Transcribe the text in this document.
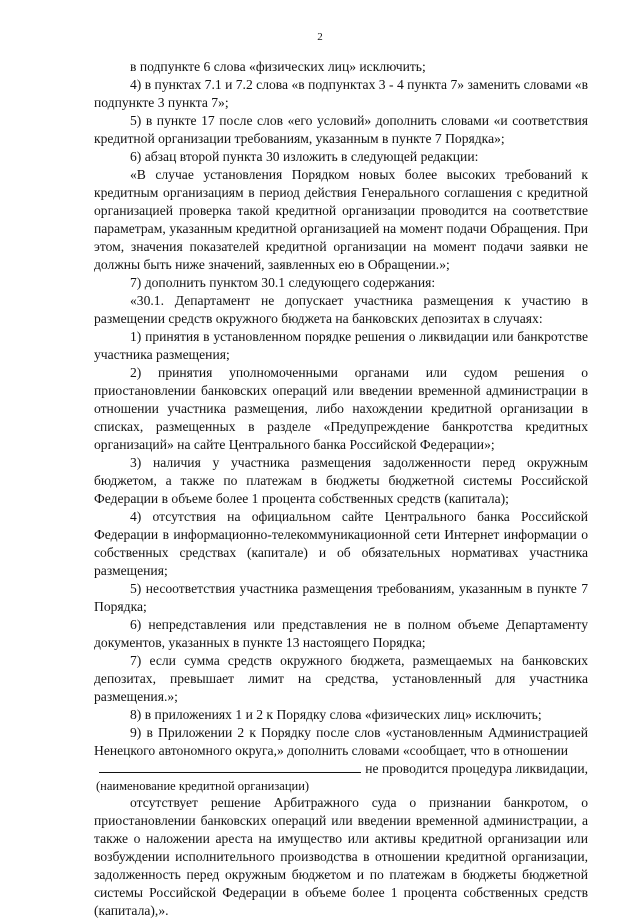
2

в подпункте 6 слова «физических лиц» исключить;

4) в пунктах 7.1 и 7.2 слова «в подпунктах 3 - 4 пункта 7» заменить словами «в подпункте 3 пункта 7»;

5) в пункте 17 после слов «его условий» дополнить словами «и соответствия кредитной организации требованиям, указанным в пункте 7 Порядка»;

6) абзац второй пункта 30 изложить в следующей редакции:

«В случае установления Порядком новых более высоких требований к кредитным организациям в период действия Генерального соглашения с кредитной организацией проверка такой кредитной организации проводится на соответствие параметрам, указанным кредитной организацией на момент подачи Обращения. При этом, значения показателей кредитной организации на момент подачи заявки не должны быть ниже значений, заявленных ею в Обращении.»;

7) дополнить пунктом 30.1 следующего содержания:

«30.1. Департамент не допускает участника размещения к участию в размещении средств окружного бюджета на банковских депозитах в случаях:

1) принятия в установленном порядке решения о ликвидации или банкротстве участника размещения;

2) принятия уполномоченными органами или судом решения о приостановлении банковских операций или введении временной администрации в отношении участника размещения, либо нахождении кредитной организации в списках, размещенных в разделе «Предупреждение банкротства кредитных организаций» на сайте Центрального банка Российской Федерации»;

3) наличия у участника размещения задолженности перед окружным бюджетом, а также по платежам в бюджеты бюджетной системы Российской Федерации в объеме более 1 процента собственных средств (капитала);

4) отсутствия на официальном сайте Центрального банка Российской Федерации в информационно-телекоммуникационной сети Интернет информации о собственных средствах (капитале) и об обязательных нормативах участника размещения;

5) несоответствия участника размещения требованиям, указанным в пункте 7 Порядка;

6) непредставления или представления не в полном объеме Департаменту документов, указанных в пункте 13 настоящего Порядка;

7) если сумма средств окружного бюджета, размещаемых на банковских депозитах, превышает лимит на средства, установленный для участника размещения.»;

8) в приложениях 1 и 2 к Порядку слова «физических лиц» исключить;

9) в Приложении 2 к Порядку после слов «установленным Администрацией Ненецкого автономного округа,» дополнить словами «сообщает, что в отношении

не проводится процедура ликвидации,

(наименование кредитной организации)

отсутствует решение Арбитражного суда о признании банкротом, о приостановлении банковских операций или введении временной администрации, а также о наложении ареста на имущество или активы кредитной организации или возбуждении исполнительного производства в отношении кредитной организации, задолженность перед окружным бюджетом и по платежам в бюджеты бюджетной системы Российской Федерации в объеме более 1 процента собственных средств (капитала),».
